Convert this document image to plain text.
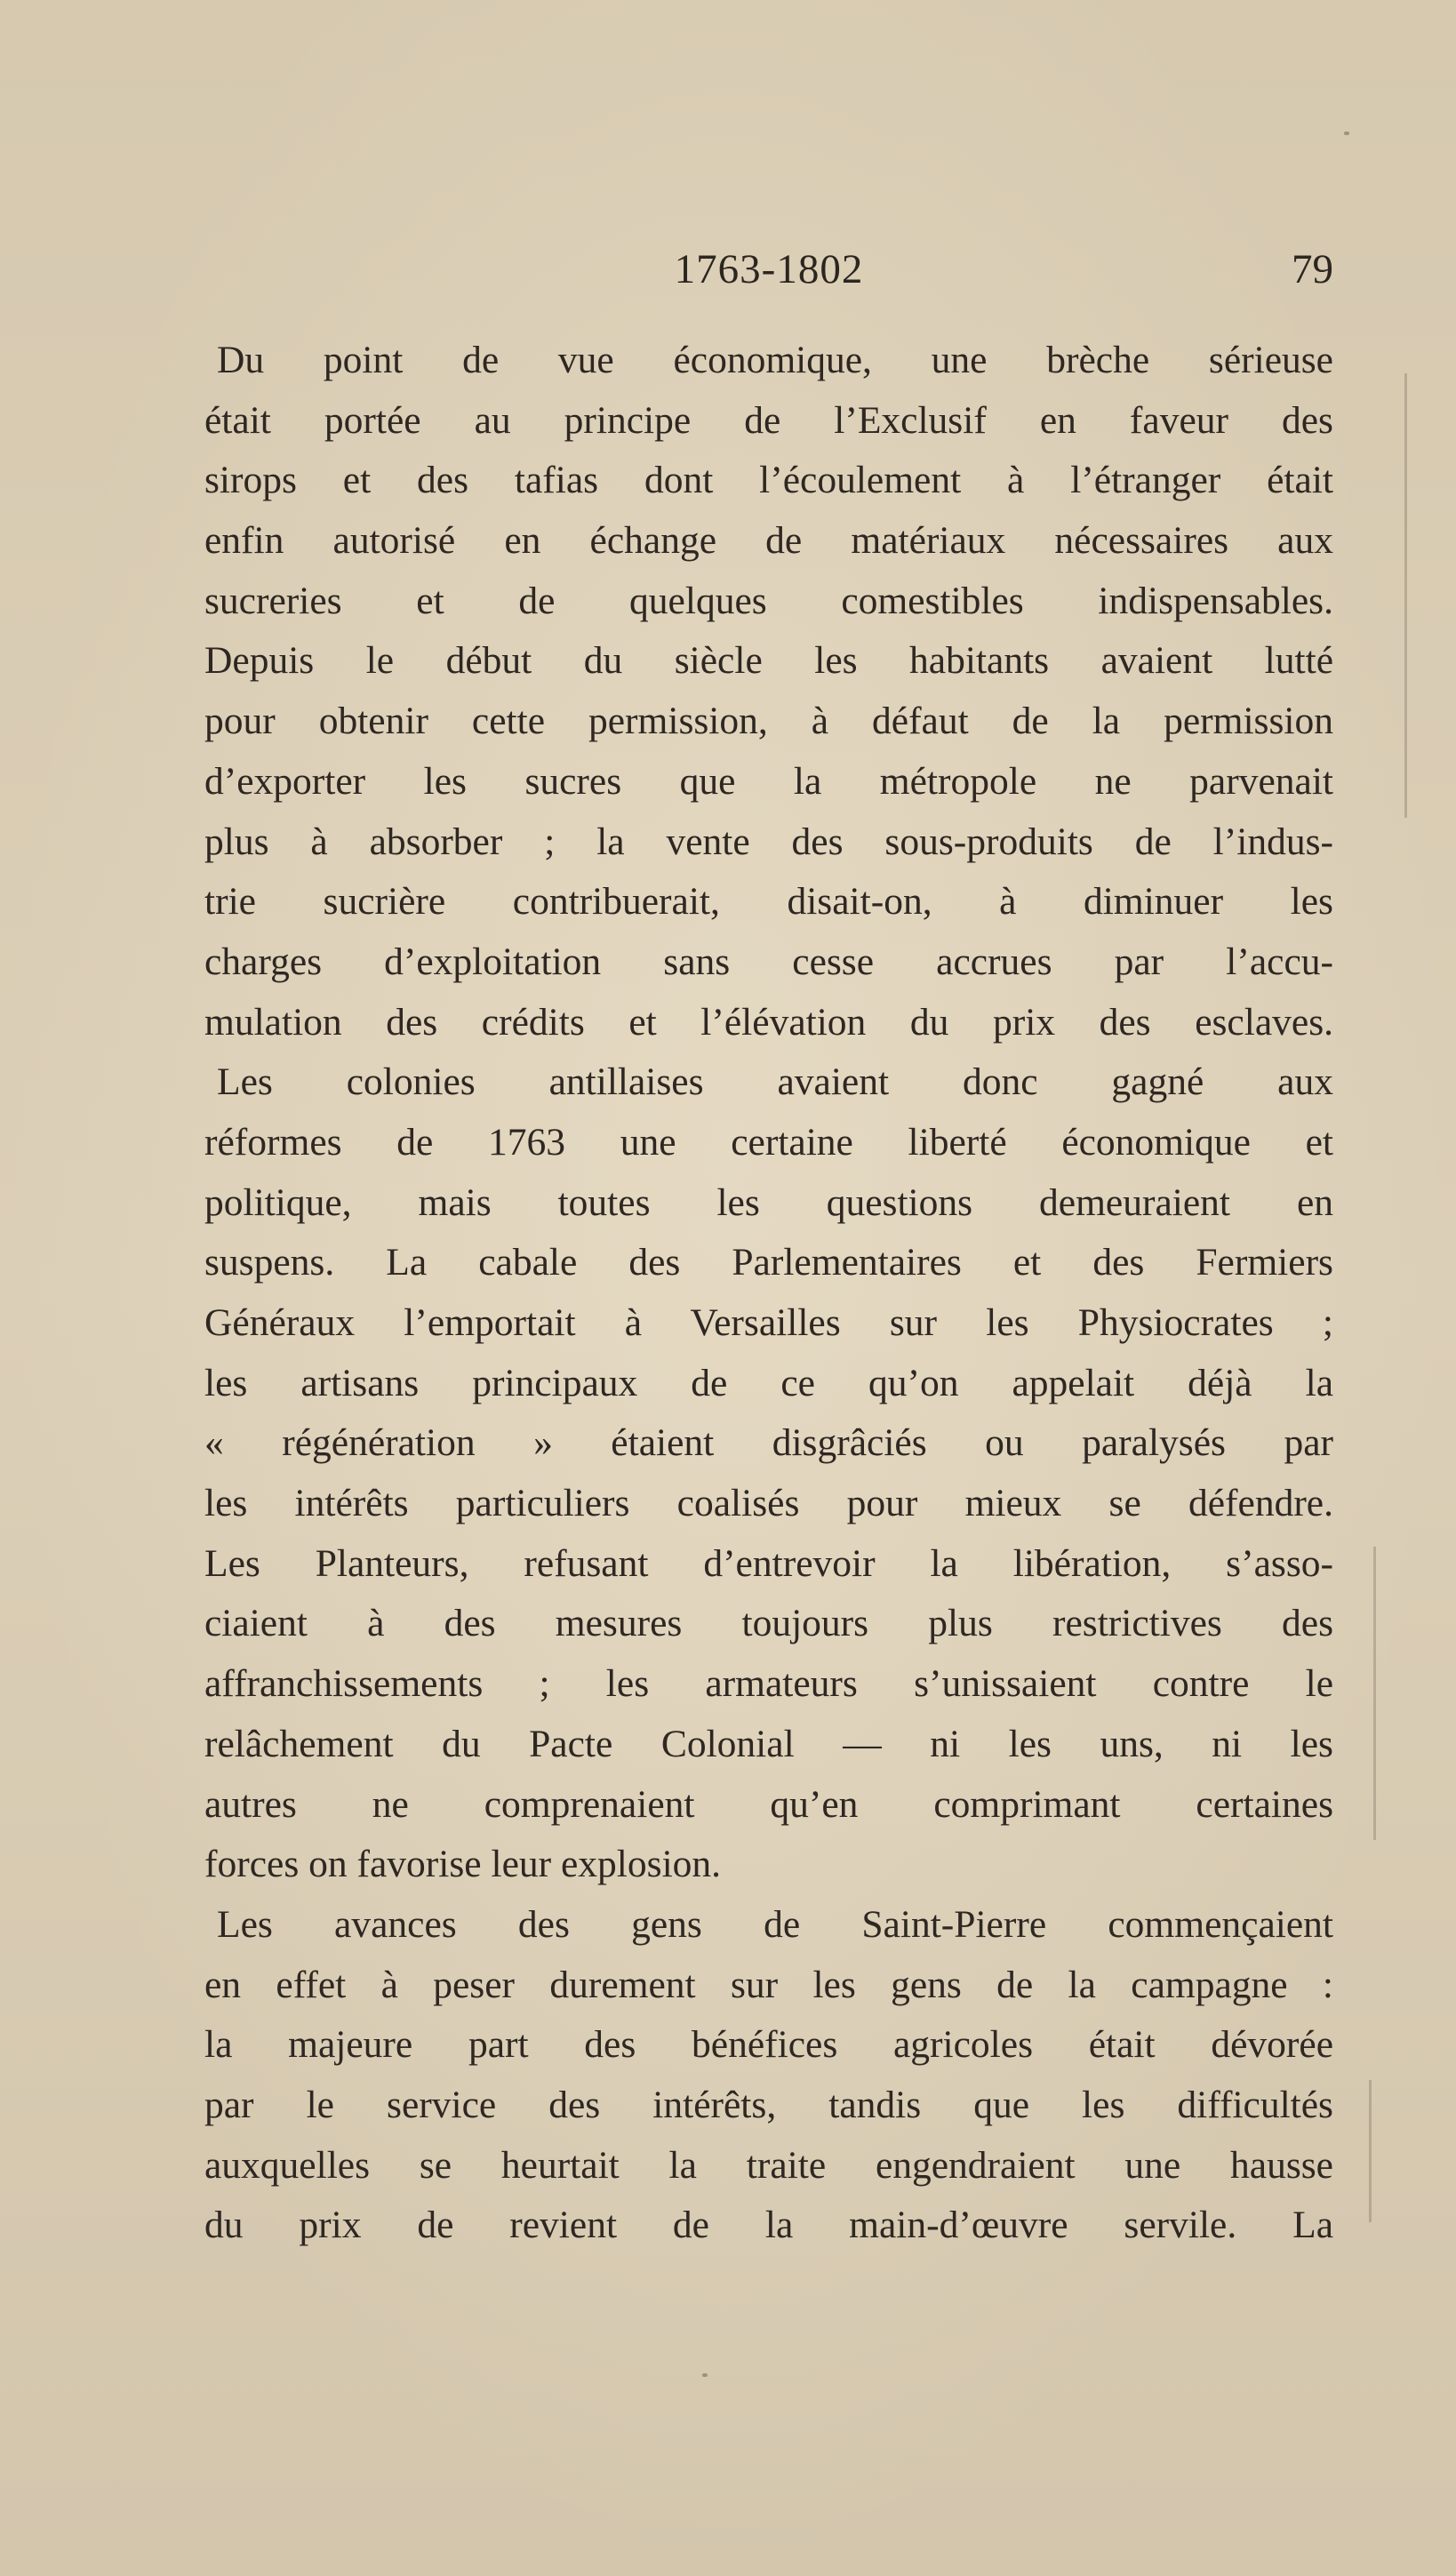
1763-1802	79
Du point de vue économique, une brèche sérieuse
était portée au principe de l’Exclusif en faveur des
sirops et des tafias dont l’écoulement à l’étranger était
enfin autorisé en échange de matériaux nécessaires aux
sucreries et de quelques comestibles indispensables.
Depuis le début du siècle les habitants avaient lutté
pour obtenir cette permission, à défaut de la permission
d’exporter les sucres que la métropole ne parvenait
plus à absorber ; la vente des sous-produits de l’indus-
trie sucrière contribuerait, disait-on, à diminuer les
charges d’exploitation sans cesse accrues par l’accu-
mulation des crédits et l’élévation du prix des esclaves.
Les colonies antillaises avaient donc gagné aux
réformes de 1763 une certaine liberté économique et
politique, mais toutes les questions demeuraient en
suspens. La cabale des Parlementaires et des Fermiers
Généraux l’emportait à Versailles sur les Physiocrates ;
les artisans principaux de ce qu’on appelait déjà la
« régénération » étaient disgrâciés ou paralysés par
les intérêts particuliers coalisés pour mieux se défendre.
Les Planteurs, refusant d’entrevoir la libération, s’asso-
ciaient à des mesures toujours plus restrictives des
affranchissements ; les armateurs s’unissaient contre le
relâchement du Pacte Colonial — ni les uns, ni les
autres ne comprenaient qu’en comprimant certaines
forces on favorise leur explosion.
Les avances des gens de Saint-Pierre commençaient
en effet à peser durement sur les gens de la campagne :
la majeure part des bénéfices agricoles était dévorée
par le service des intérêts, tandis que les difficultés
auxquelles se heurtait la traite engendraient une hausse
du prix de revient de la main-d’œuvre servile. La
